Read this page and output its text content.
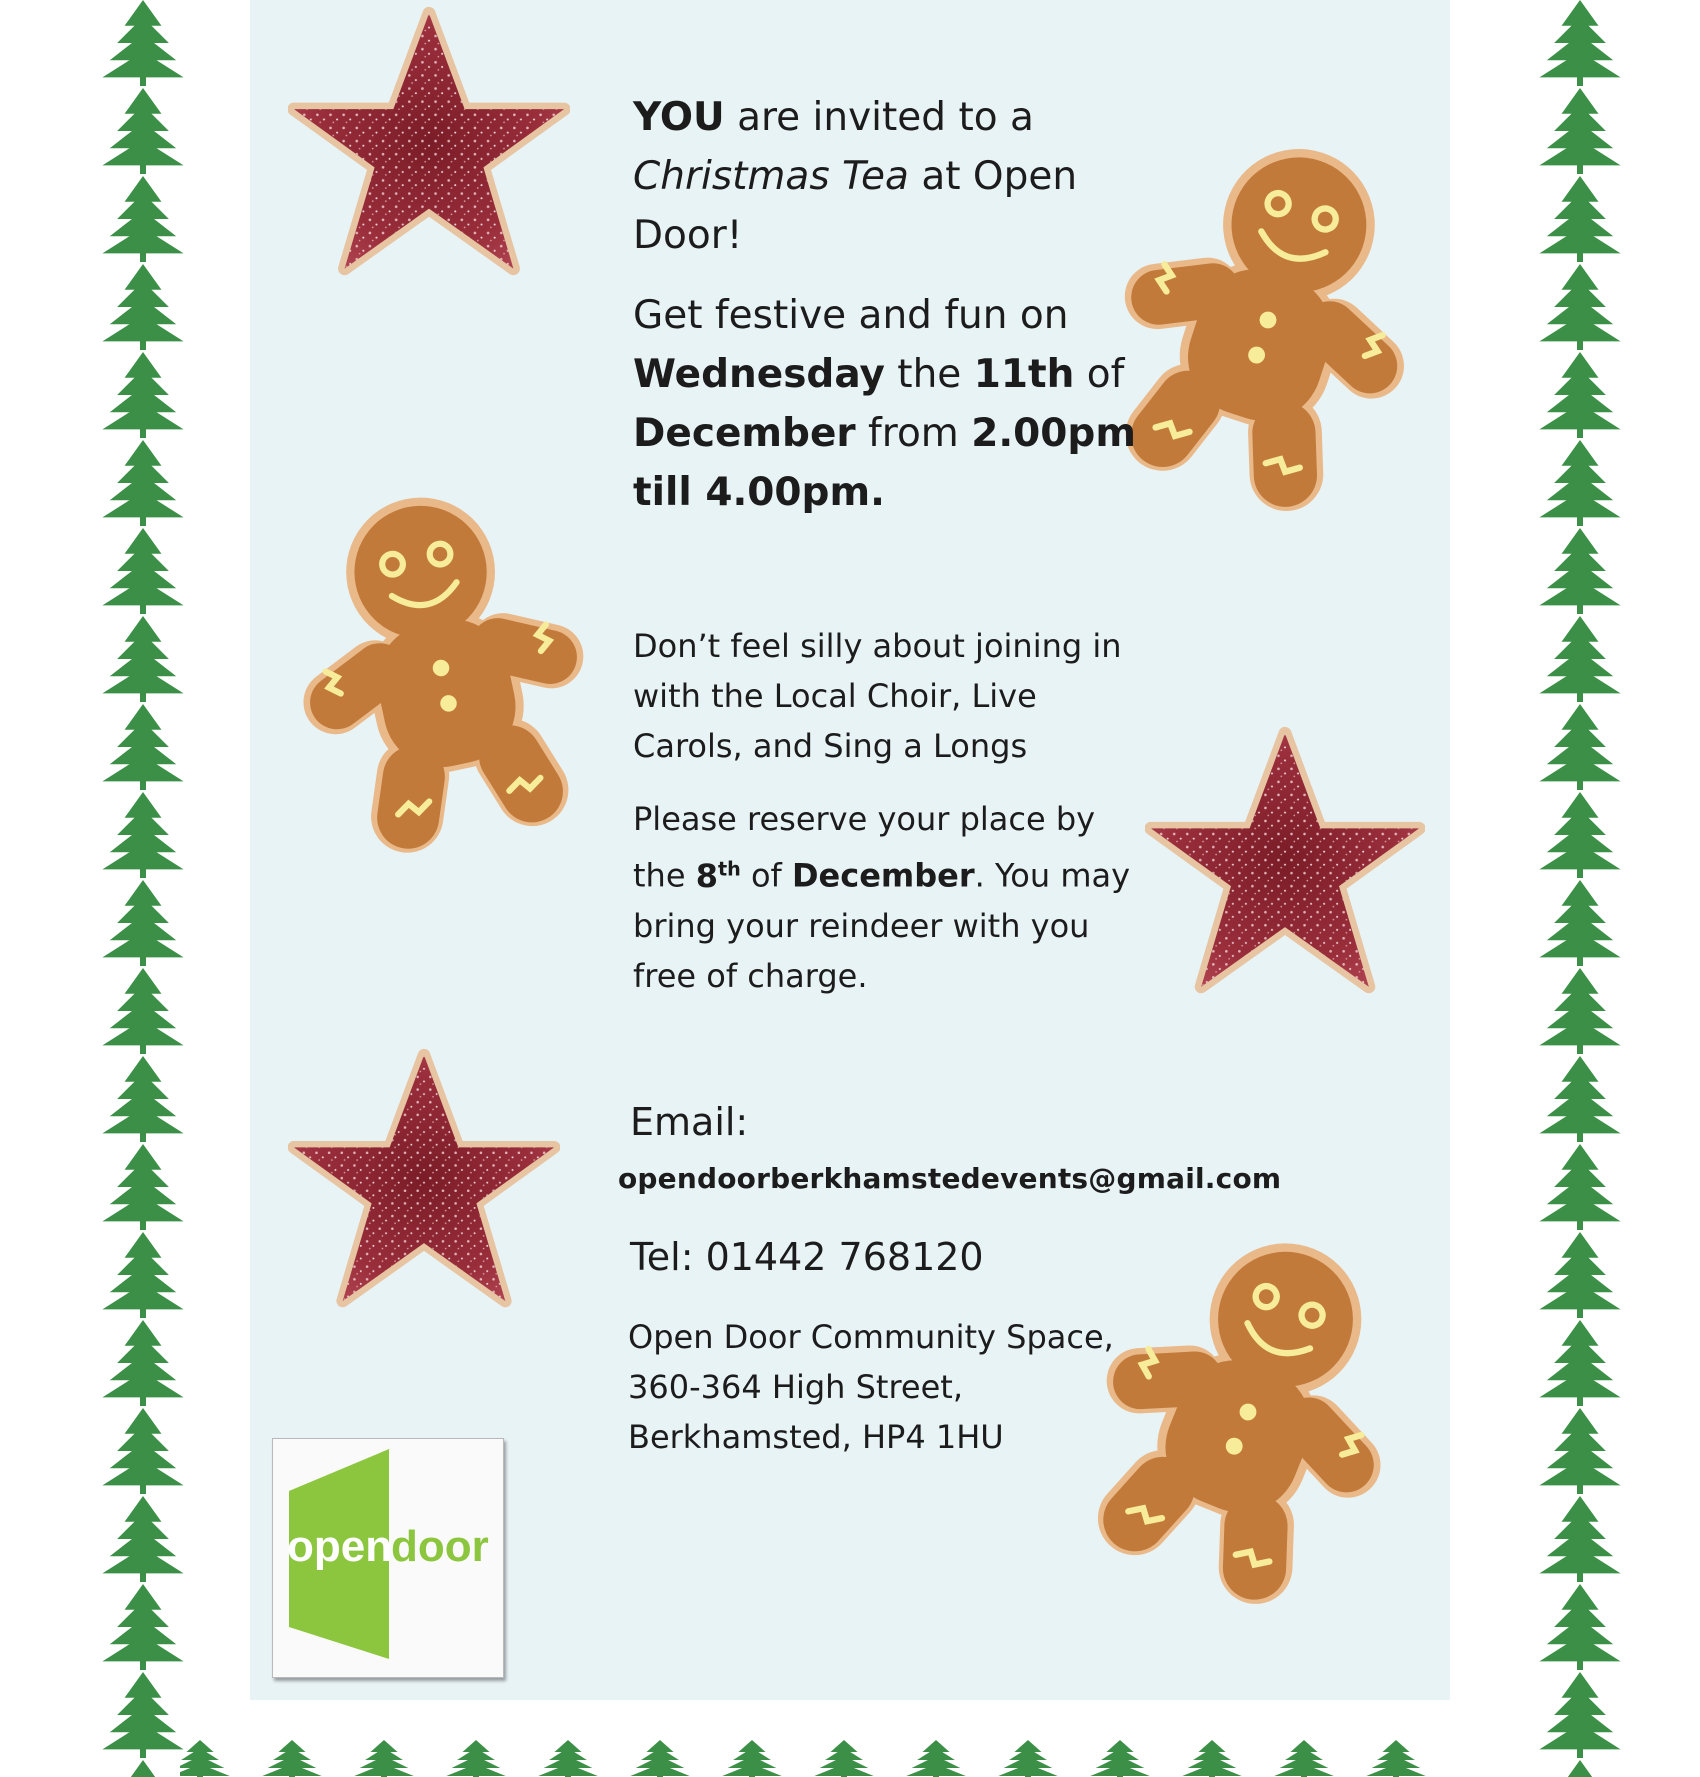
YOU are invited to a
Christmas Tea at Open
Door!
Get festive and fun on
Wednesday the 11th of
December from 2.00pm
till 4.00pm.
Don’t feel silly about joining in
with the Local Choir, Live
Carols, and Sing a Longs
Please reserve your place by
the 8th of December. You may
bring your reindeer with you
free of charge.
Email:
opendoorberkhamstedevents@gmail.com
Tel: 01442 768120
Open Door Community Space,
360-364 High Street,
Berkhamsted, HP4 1HU
open
door
